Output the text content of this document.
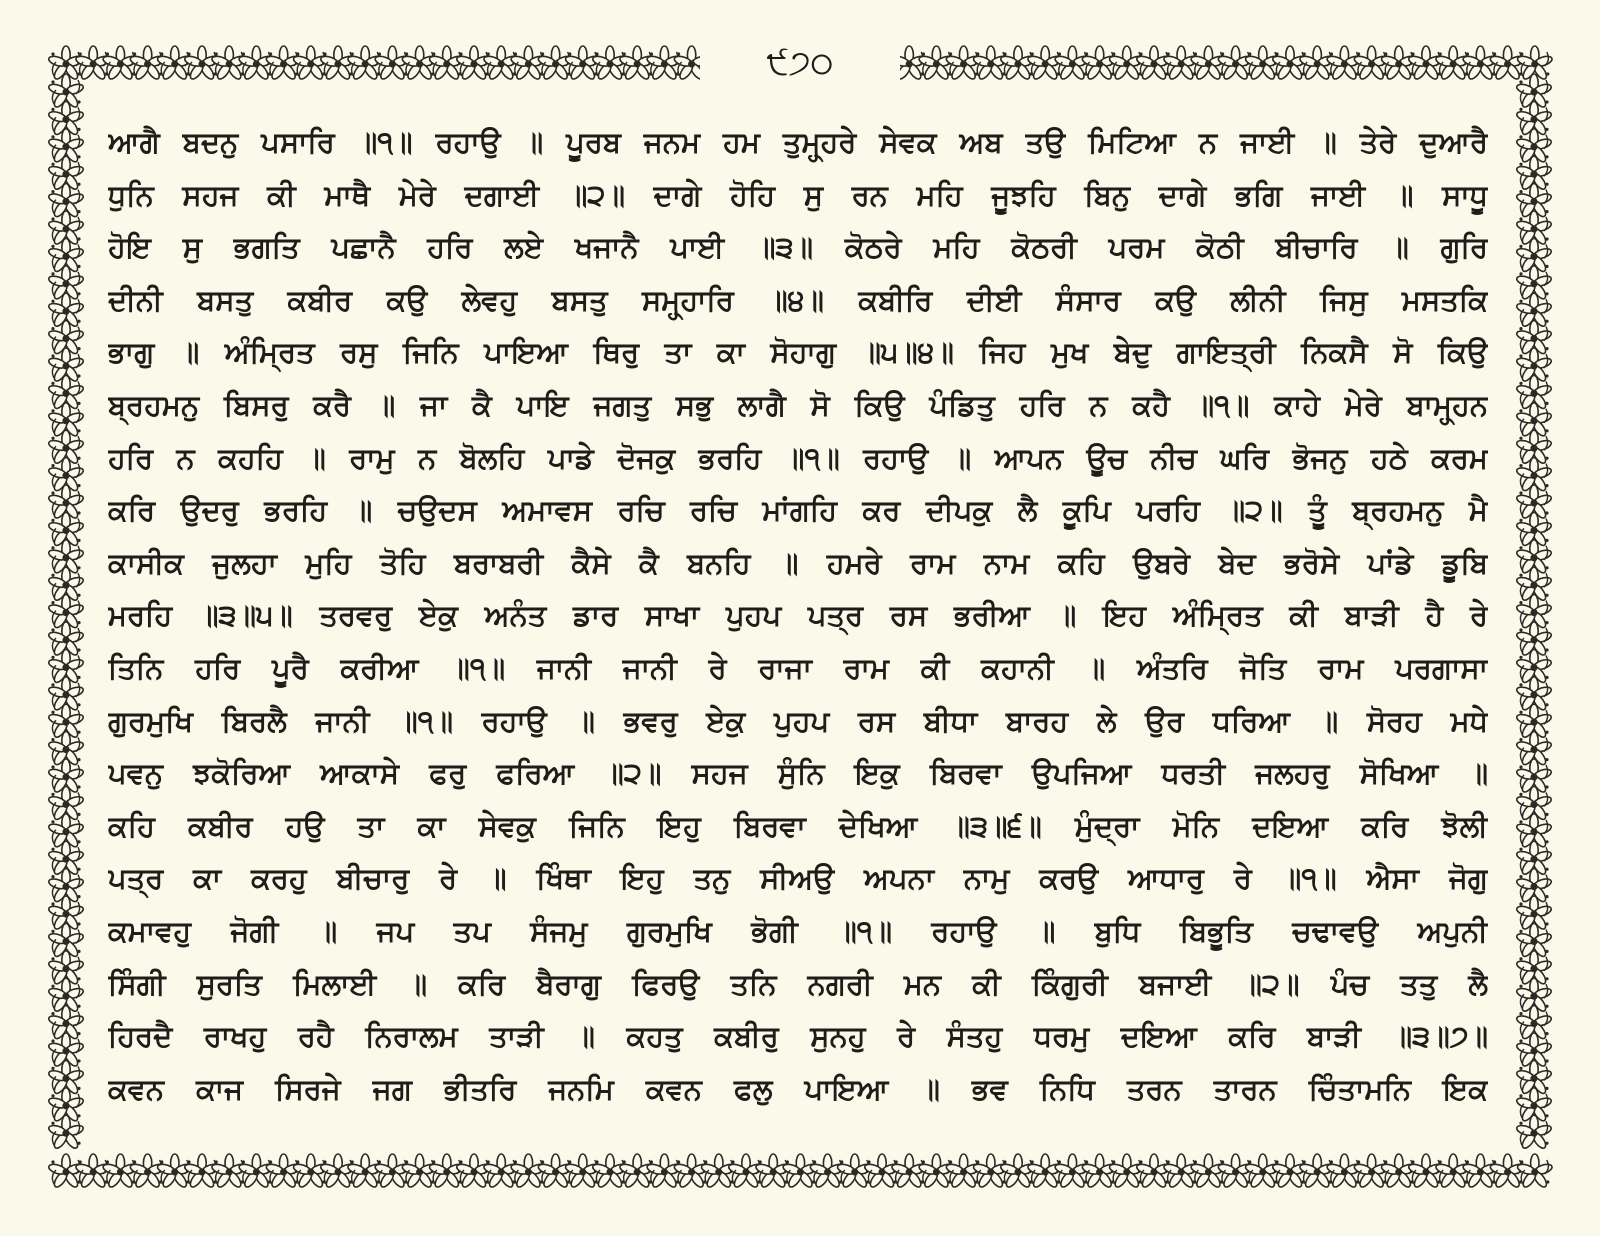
੯੭੦
ਆਗੈ ਬਦਨੁ ਪਸਾਰਿ ॥੧॥ ਰਹਾਉ ॥ ਪੂਰਬ ਜਨਮ ਹਮ ਤੁਮ੍ਹ੍ਹਰੇ ਸੇਵਕ ਅਬ ਤਉ ਮਿਟਿਆ ਨ ਜਾਈ ॥ ਤੇਰੇ ਦੁਆਰੈ
ਧੁਨਿ ਸਹਜ ਕੀ ਮਾਥੈ ਮੇਰੇ ਦਗਾਈ ॥੨॥ ਦਾਗੇ ਹੋਹਿ ਸੁ ਰਨ ਮਹਿ ਜੂਝਹਿ ਬਿਨੁ ਦਾਗੇ ਭਗਿ ਜਾਈ ॥ ਸਾਧੂ
ਹੋਇ ਸੁ ਭਗਤਿ ਪਛਾਨੈ ਹਰਿ ਲਏ ਖਜਾਨੈ ਪਾਈ ॥੩॥ ਕੋਠਰੇ ਮਹਿ ਕੋਠਰੀ ਪਰਮ ਕੋਠੀ ਬੀਚਾਰਿ ॥ ਗੁਰਿ
ਦੀਨੀ ਬਸਤੁ ਕਬੀਰ ਕਉ ਲੇਵਹੁ ਬਸਤੁ ਸਮ੍ਹ੍ਹਾਰਿ ॥੪॥ ਕਬੀਰਿ ਦੀਈ ਸੰਸਾਰ ਕਉ ਲੀਨੀ ਜਿਸੁ ਮਸਤਕਿ
ਭਾਗੁ ॥ ਅੰਮ੍ਰਿਤ ਰਸੁ ਜਿਨਿ ਪਾਇਆ ਥਿਰੁ ਤਾ ਕਾ ਸੋਹਾਗੁ ॥੫॥੪॥ ਜਿਹ ਮੁਖ ਬੇਦੁ ਗਾਇਤ੍ਰੀ ਨਿਕਸੈ ਸੋ ਕਿਉ
ਬ੍ਰਹਮਨੁ ਬਿਸਰੁ ਕਰੈ ॥ ਜਾ ਕੈ ਪਾਇ ਜਗਤੁ ਸਭੁ ਲਾਗੈ ਸੋ ਕਿਉ ਪੰਡਿਤੁ ਹਰਿ ਨ ਕਹੈ ॥੧॥ ਕਾਹੇ ਮੇਰੇ ਬਾਮ੍ਹ੍ਹਨ
ਹਰਿ ਨ ਕਹਹਿ ॥ ਰਾਮੁ ਨ ਬੋਲਹਿ ਪਾਡੇ ਦੋਜਕੁ ਭਰਹਿ ॥੧॥ ਰਹਾਉ ॥ ਆਪਨ ਊਚ ਨੀਚ ਘਰਿ ਭੋਜਨੁ ਹਠੇ ਕਰਮ
ਕਰਿ ਉਦਰੁ ਭਰਹਿ ॥ ਚਉਦਸ ਅਮਾਵਸ ਰਚਿ ਰਚਿ ਮਾਂਗਹਿ ਕਰ ਦੀਪਕੁ ਲੈ ਕੂਪਿ ਪਰਹਿ ॥੨॥ ਤੂੰ ਬ੍ਰਹਮਨੁ ਮੈ
ਕਾਸੀਕ ਜੁਲਹਾ ਮੁਹਿ ਤੋਹਿ ਬਰਾਬਰੀ ਕੈਸੇ ਕੈ ਬਨਹਿ ॥ ਹਮਰੇ ਰਾਮ ਨਾਮ ਕਹਿ ਉਬਰੇ ਬੇਦ ਭਰੋਸੇ ਪਾਂਡੇ ਡੂਬਿ
ਮਰਹਿ ॥੩॥੫॥ ਤਰਵਰੁ ਏਕੁ ਅਨੰਤ ਡਾਰ ਸਾਖਾ ਪੁਹਪ ਪਤ੍ਰ ਰਸ ਭਰੀਆ ॥ ਇਹ ਅੰਮ੍ਰਿਤ ਕੀ ਬਾੜੀ ਹੈ ਰੇ
ਤਿਨਿ ਹਰਿ ਪੂਰੈ ਕਰੀਆ ॥੧॥ ਜਾਨੀ ਜਾਨੀ ਰੇ ਰਾਜਾ ਰਾਮ ਕੀ ਕਹਾਨੀ ॥ ਅੰਤਰਿ ਜੋਤਿ ਰਾਮ ਪਰਗਾਸਾ
ਗੁਰਮੁਖਿ ਬਿਰਲੈ ਜਾਨੀ ॥੧॥ ਰਹਾਉ ॥ ਭਵਰੁ ਏਕੁ ਪੁਹਪ ਰਸ ਬੀਧਾ ਬਾਰਹ ਲੇ ਉਰ ਧਰਿਆ ॥ ਸੋਰਹ ਮਧੇ
ਪਵਨੁ ਝਕੋਰਿਆ ਆਕਾਸੇ ਫਰੁ ਫਰਿਆ ॥੨॥ ਸਹਜ ਸੁੰਨਿ ਇਕੁ ਬਿਰਵਾ ਉਪਜਿਆ ਧਰਤੀ ਜਲਹਰੁ ਸੋਖਿਆ ॥
ਕਹਿ ਕਬੀਰ ਹਉ ਤਾ ਕਾ ਸੇਵਕੁ ਜਿਨਿ ਇਹੁ ਬਿਰਵਾ ਦੇਖਿਆ ॥੩॥੬॥ ਮੁੰਦ੍ਰਾ ਮੋਨਿ ਦਇਆ ਕਰਿ ਝੋਲੀ
ਪਤ੍ਰ ਕਾ ਕਰਹੁ ਬੀਚਾਰੁ ਰੇ ॥ ਖਿੰਥਾ ਇਹੁ ਤਨੁ ਸੀਅਉ ਅਪਨਾ ਨਾਮੁ ਕਰਉ ਆਧਾਰੁ ਰੇ ॥੧॥ ਐਸਾ ਜੋਗੁ
ਕਮਾਵਹੁ ਜੋਗੀ ॥ ਜਪ ਤਪ ਸੰਜਮੁ ਗੁਰਮੁਖਿ ਭੋਗੀ ॥੧॥ ਰਹਾਉ ॥ ਬੁਧਿ ਬਿਭੂਤਿ ਚਢਾਵਉ ਅਪੁਨੀ
ਸਿੰਗੀ ਸੁਰਤਿ ਮਿਲਾਈ ॥ ਕਰਿ ਬੈਰਾਗੁ ਫਿਰਉ ਤਨਿ ਨਗਰੀ ਮਨ ਕੀ ਕਿੰਗੁਰੀ ਬਜਾਈ ॥੨॥ ਪੰਚ ਤਤੁ ਲੈ
ਹਿਰਦੈ ਰਾਖਹੁ ਰਹੈ ਨਿਰਾਲਮ ਤਾੜੀ ॥ ਕਹਤੁ ਕਬੀਰੁ ਸੁਨਹੁ ਰੇ ਸੰਤਹੁ ਧਰਮੁ ਦਇਆ ਕਰਿ ਬਾੜੀ ॥੩॥੭॥
ਕਵਨ ਕਾਜ ਸਿਰਜੇ ਜਗ ਭੀਤਰਿ ਜਨਮਿ ਕਵਨ ਫਲੁ ਪਾਇਆ ॥ ਭਵ ਨਿਧਿ ਤਰਨ ਤਾਰਨ ਚਿੰਤਾਮਨਿ ਇਕ
